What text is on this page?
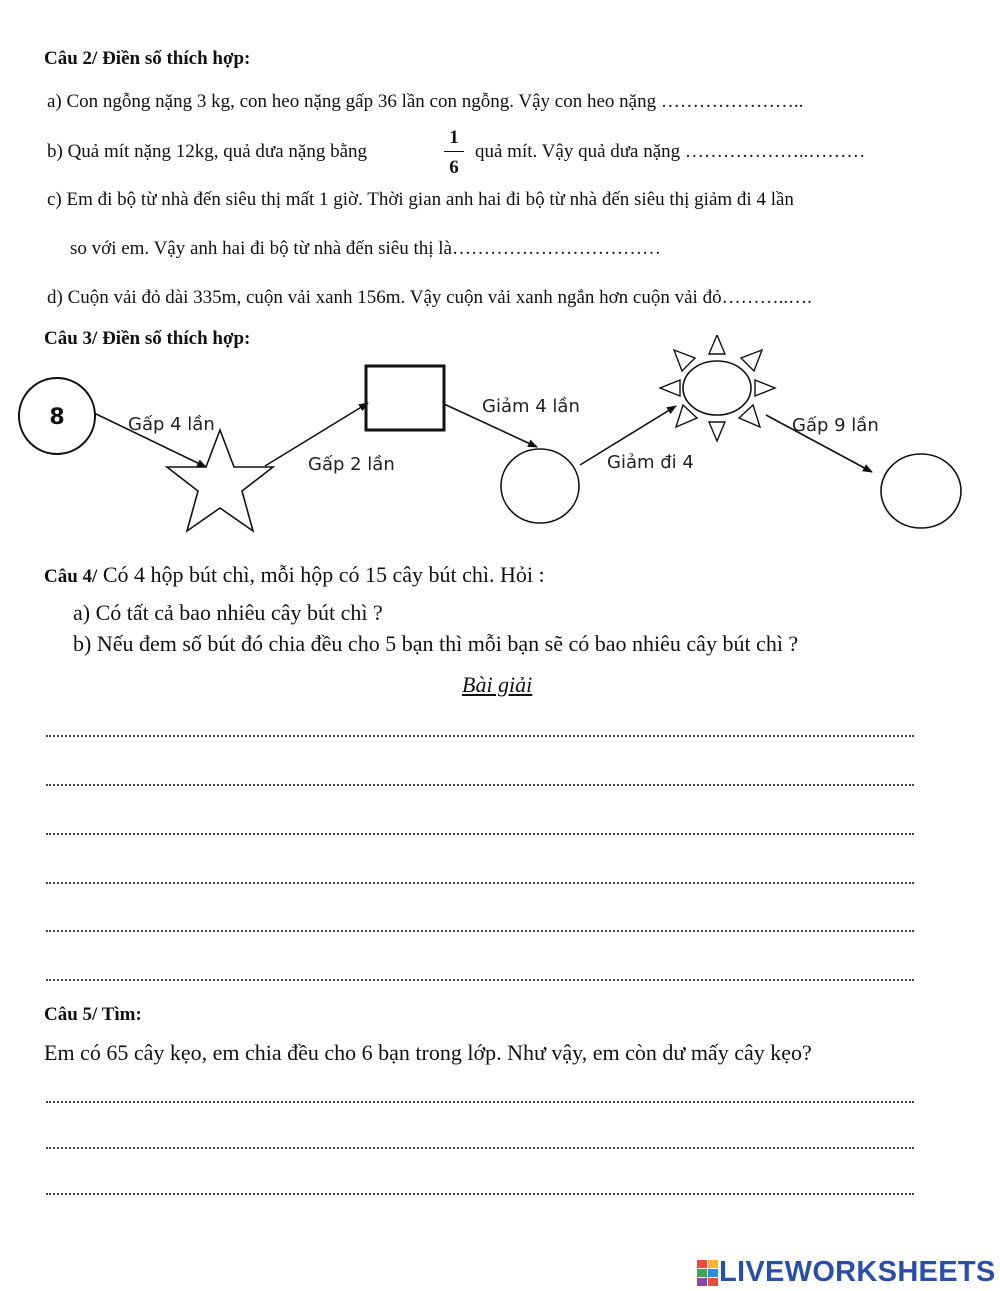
Câu 2/ Điền số thích hợp:
a) Con ngỗng nặng 3 kg, con heo nặng gấp 36 lần con ngỗng. Vậy con heo nặng …………………..
b) Quả mít nặng 12kg, quả dưa nặng bằng
1
6
quả mít. Vậy quả dưa nặng ………………..………
c) Em đi bộ từ nhà đến siêu thị mất 1 giờ. Thời gian anh hai đi bộ từ nhà đến siêu thị giảm đi 4 lần
so với em. Vậy anh hai đi bộ từ nhà đến siêu thị là……………………………
d) Cuộn vải đỏ dài 335m, cuộn vải xanh 156m. Vậy cuộn vải xanh ngắn hơn cuộn vải đỏ………..….
Câu 3/ Điền số thích hợp:
8	Gấp 4 lần
Gấp 2 lần
Giảm 4 lần
Giảm đi 4
Gấp 9 lần
Câu 4/ Có 4 hộp bút chì, mỗi hộp có 15 cây bút chì. Hỏi :
a) Có tất cả bao nhiêu cây bút chì ?
b) Nếu đem số bút đó chia đều cho 5 bạn thì mỗi bạn sẽ có bao nhiêu cây bút chì ?
Bài giải
Câu 5/ Tìm:
Em có 65 cây kẹo, em chia đều cho 6 bạn trong lớp. Như vậy, em còn dư mấy cây kẹo?
LIVEWORKSHEETS
